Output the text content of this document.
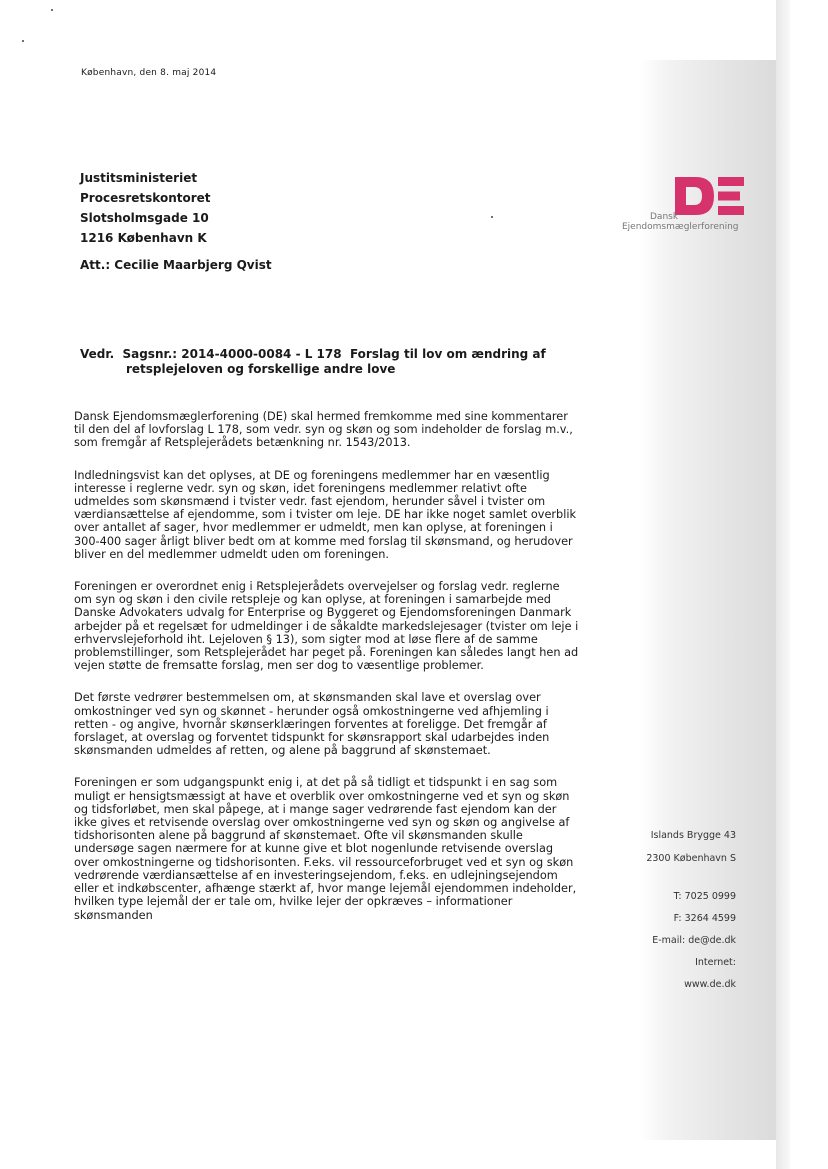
København, den 8. maj 2014
Justitsministeriet
Procesretskontoret
Slotsholmsgade 10
1216 København K
Att.: Cecilie Maarbjerg Qvist
Vedr.  Sagsnr.: 2014-4000-0084 - L 178  Forslag til lov om ændring af
retsplejeloven og forskellige andre love

Dansk Ejendomsmæglerforening (DE) skal hermed fremkomme med sine kommentarer til den del af lovforslag L 178, som vedr. syn og skøn og som indeholder de forslag m.v., som fremgår af Retsplejerådets betænkning nr. 1543/2013.

Indledningsvist kan det oplyses, at DE og foreningens medlemmer har en væsentlig interesse i reglerne vedr. syn og skøn, idet foreningens medlemmer relativt ofte udmeldes som skønsmænd i tvister vedr. fast ejendom, herunder såvel i tvister om værdiansættelse af ejendomme, som i tvister om leje. DE har ikke noget samlet overblik over antallet af sager, hvor medlemmer er udmeldt, men kan oplyse, at foreningen i 300-400 sager årligt bliver bedt om at komme med forslag til skønsmand, og herudover bliver en del medlemmer udmeldt uden om foreningen.

Foreningen er overordnet enig i Retsplejerådets overvejelser og forslag vedr. reglerne om syn og skøn i den civile retspleje og kan oplyse, at foreningen i samarbejde med Danske Advokaters udvalg for Enterprise og Byggeret og Ejendomsforeningen Danmark arbejder på et regelsæt for udmeldinger i de såkaldte markedslejesager (tvister om leje i erhvervslejeforhold iht. Lejeloven § 13), som sigter mod at løse flere af de samme problemstillinger, som Retsplejerådet har peget på. Foreningen kan således langt hen ad vejen støtte de fremsatte forslag, men ser dog to væsentlige problemer.

Det første vedrører bestemmelsen om, at skønsmanden skal lave et overslag over omkostninger ved syn og skønnet - herunder også omkostningerne ved afhjemling i retten - og angive, hvornår skønserklæringen forventes at foreligge. Det fremgår af forslaget, at overslag og forventet tidspunkt for skønsrapport skal udarbejdes inden skønsmanden udmeldes af retten, og alene på baggrund af skønstemaet.

Foreningen er som udgangspunkt enig i, at det på så tidligt et tidspunkt i en sag som muligt er hensigtsmæssigt at have et overblik over omkostningerne ved et syn og skøn og tidsforløbet, men skal påpege, at i mange sager vedrørende fast ejendom kan der ikke gives et retvisende overslag over omkostningerne ved syn og skøn og angivelse af tidshorisonten alene på baggrund af skønstemaet. Ofte vil skønsmanden skulle undersøge sagen nærmere for at kunne give et blot nogenlunde retvisende overslag over omkostningerne og tidshorisonten. F.eks. vil ressourceforbruget ved et syn og skøn vedrørende værdiansættelse af en investeringsejendom, f.eks. en udlejningsejendom eller et indkøbscenter, afhænge stærkt af, hvor mange lejemål ejendommen indeholder, hvilken type lejemål der er tale om, hvilke lejer der opkræves – informationer skønsmanden

Dansk
Ejendomsmæglerforening
Islands Brygge 43
2300 København S
T: 7025 0999
F: 3264 4599
E-mail: de@de.dk
Internet:
www.de.dk
